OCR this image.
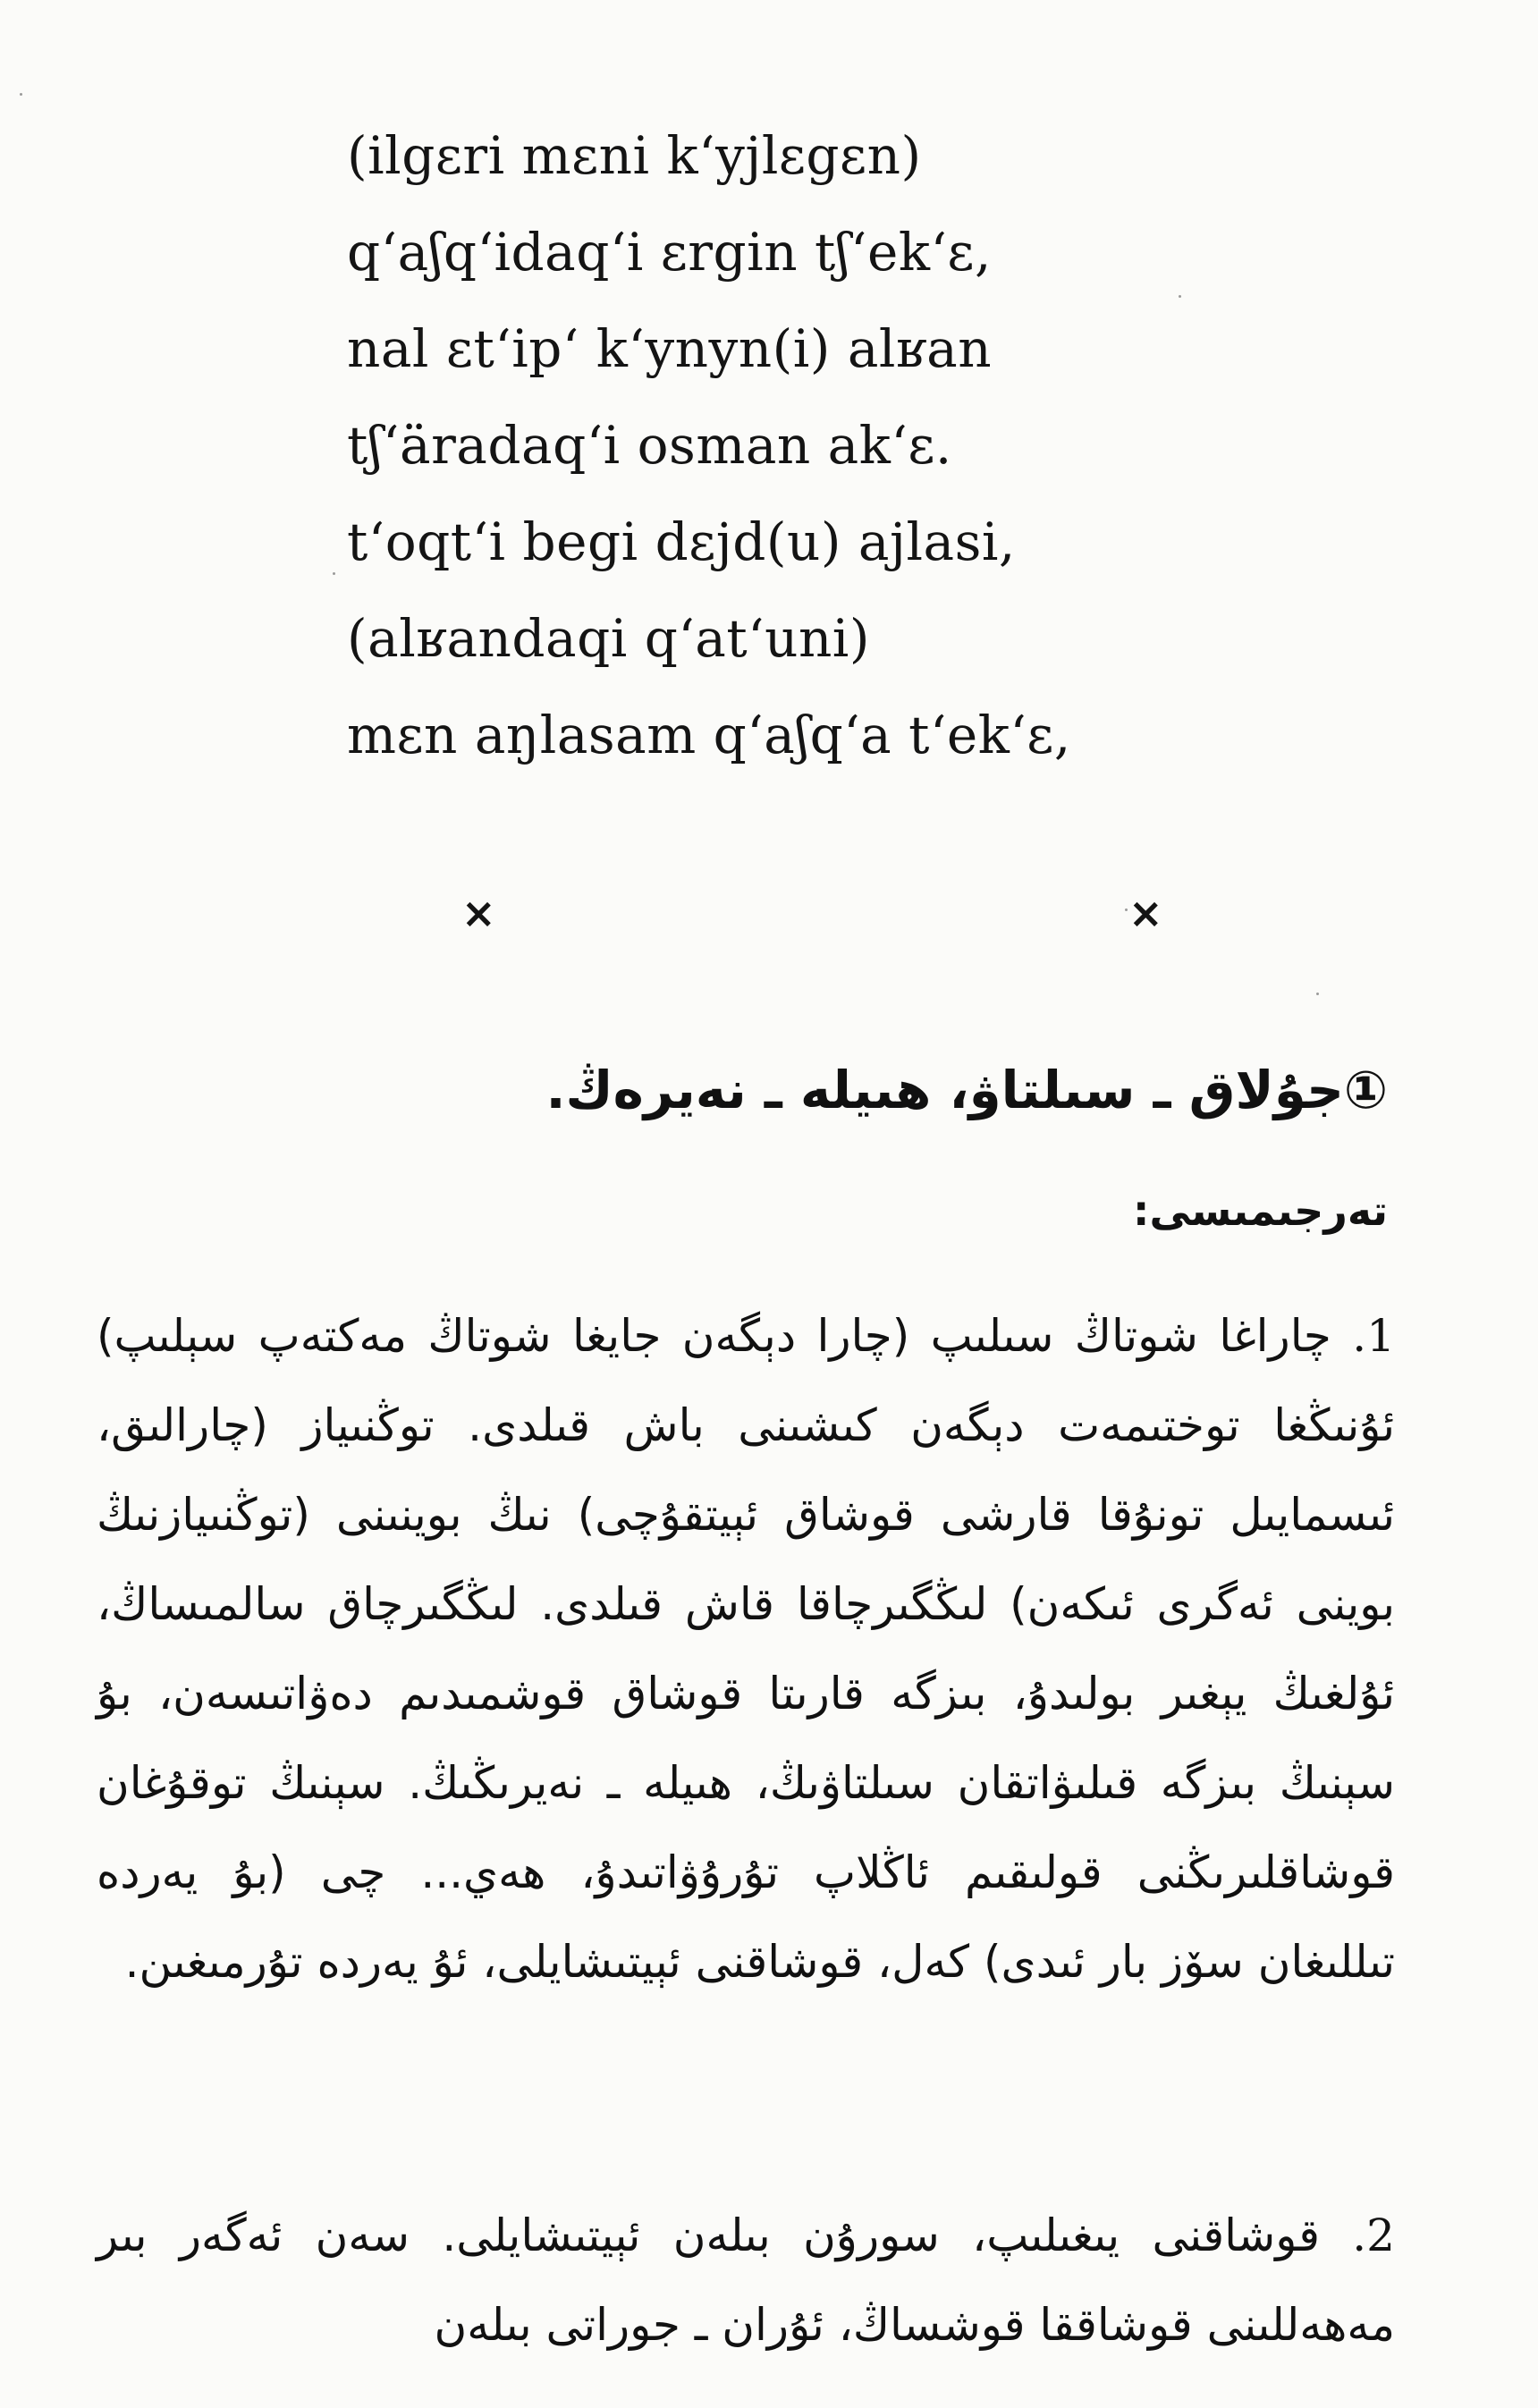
(ilgɛri mɛni k‘yjlɛgɛn)
q‘aʃq‘idaq‘i ɛrgin tʃ‘ek‘ɛ,
nal ɛt‘ip‘ k‘ynyn(i) alʁan
tʃ‘äradaq‘i osman ak‘ɛ.
t‘oqt‘i begi dɛjd(u) ajlasi,
(alʁandaqi q‘at‘uni)
mɛn aŋlasam q‘aʃq‘a t‘ek‘ɛ,
×	×
①جۇلاق ـ سىلتاۋ، ھىيلە ـ نەيرەڭ.
تەرجىمىسى:
1. چاراغا شوتاڭ سىلىپ (چارا دېگەن جايغا شوتاڭ مەكتەپ سېلىپ) ئۇنىڭغا توختىمەت دېگەن كىشىنى باش قىلدى. توڭنىياز (چارالىق، ئىسمايىل تونۇقا قارشى قوشاق ئېيتقۇچى) نىڭ بوينىنى (توڭنىيازنىڭ بوينى ئەگرى ئىكەن) لىڭگىرچاقا قاش قىلدى. لىڭگىرچاق سالمىساڭ، ئۇلغىڭ يېغىر بولىدۇ، بىزگە قارىتا قوشاق قوشمىدىم دەۋاتىسەن، بۇ سېنىڭ بىزگە قىلىۋاتقان سىلتاۋىڭ، ھىيلە ـ نەيرىڭىڭ. سېنىڭ توقۇغان قوشاقلىرىڭنى قولىقىم ئاڭلاپ تۇرۇۋاتىدۇ، ھەي... چى (بۇ يەردە تىللىغان سۆز بار ئىدى) كەل، قوشاقنى ئېيتىشايلى، ئۇ يەردە تۇرمىغىن.
2. قوشاقنى يىغىلىپ، سورۇن بىلەن ئېيتىشايلى. سەن ئەگەر بىر مەھەللىنى قوشاققا قوشساڭ، ئۇران ـ جوراتى بىلەن
